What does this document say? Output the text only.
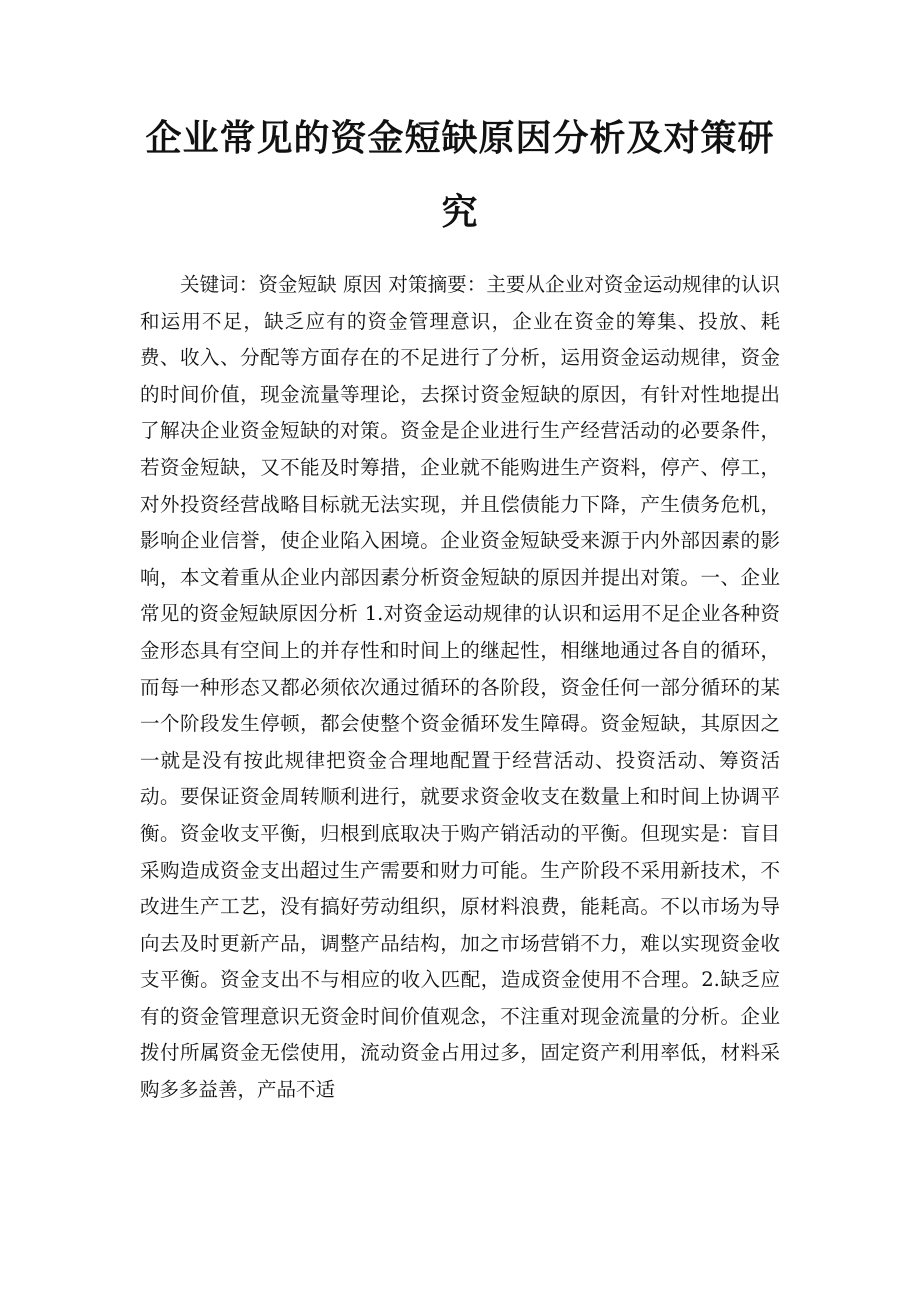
企业常见的资金短缺原因分析及对策研究

关键词：资金短缺 原因 对策摘要：主要从企业对资金运动规律的认识和运用不足，缺乏应有的资金管理意识，企业在资金的筹集、投放、耗费、收入、分配等方面存在的不足进行了分析，运用资金运动规律，资金的时间价值，现金流量等理论，去探讨资金短缺的原因，有针对性地提出了解决企业资金短缺的对策。资金是企业进行生产经营活动的必要条件，若资金短缺，又不能及时筹措，企业就不能购进生产资料，停产、停工，对外投资经营战略目标就无法实现，并且偿债能力下降，产生债务危机，影响企业信誉，使企业陷入困境。企业资金短缺受来源于内外部因素的影响，本文着重从企业内部因素分析资金短缺的原因并提出对策。一、企业常见的资金短缺原因分析 1.对资金运动规律的认识和运用不足企业各种资金形态具有空间上的并存性和时间上的继起性，相继地通过各自的循环，而每一种形态又都必须依次通过循环的各阶段，资金任何一部分循环的某一个阶段发生停顿，都会使整个资金循环发生障碍。资金短缺，其原因之一就是没有按此规律把资金合理地配置于经营活动、投资活动、筹资活动。要保证资金周转顺利进行，就要求资金收支在数量上和时间上协调平衡。资金收支平衡，归根到底取决于购产销活动的平衡。但现实是：盲目采购造成资金支出超过生产需要和财力可能。生产阶段不采用新技术，不改进生产工艺，没有搞好劳动组织，原材料浪费，能耗高。不以市场为导向去及时更新产品，调整产品结构，加之市场营销不力，难以实现资金收支平衡。资金支出不与相应的收入匹配，造成资金使用不合理。2.缺乏应有的资金管理意识无资金时间价值观念，不注重对现金流量的分析。企业拨付所属资金无偿使用，流动资金占用过多，固定资产利用率低，材料采购多多益善，产品不适
